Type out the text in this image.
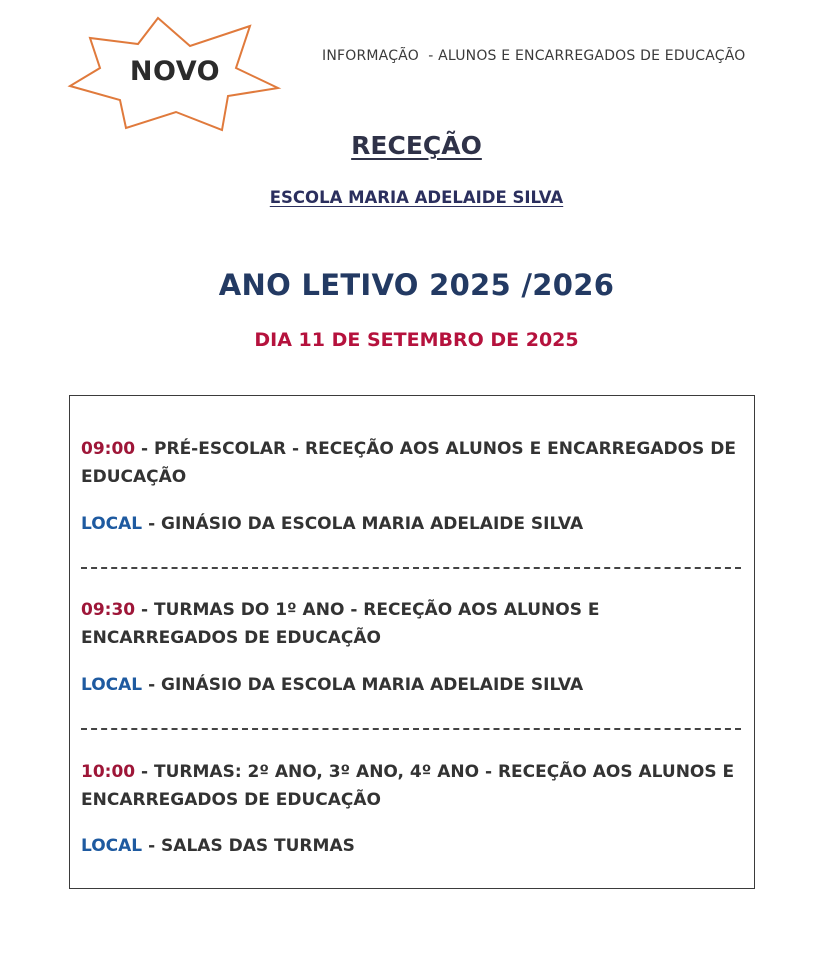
NOVO	INFORMAÇÃO  - ALUNOS E ENCARREGADOS DE EDUCAÇÃO
RECEÇÃO
ESCOLA MARIA ADELAIDE SILVA
ANO LETIVO 2025 /2026
DIA 11 DE SETEMBRO DE 2025

09:00 - PRÉ-ESCOLAR - RECEÇÃO AOS ALUNOS E ENCARREGADOS DE EDUCAÇÃO

LOCAL - GINÁSIO DA ESCOLA MARIA ADELAIDE SILVA

09:30 - TURMAS DO 1º ANO - RECEÇÃO AOS ALUNOS E ENCARREGADOS DE EDUCAÇÃO

LOCAL - GINÁSIO DA ESCOLA MARIA ADELAIDE SILVA

10:00 - TURMAS: 2º ANO, 3º ANO, 4º ANO - RECEÇÃO AOS ALUNOS E ENCARREGADOS DE EDUCAÇÃO

LOCAL - SALAS DAS TURMAS
